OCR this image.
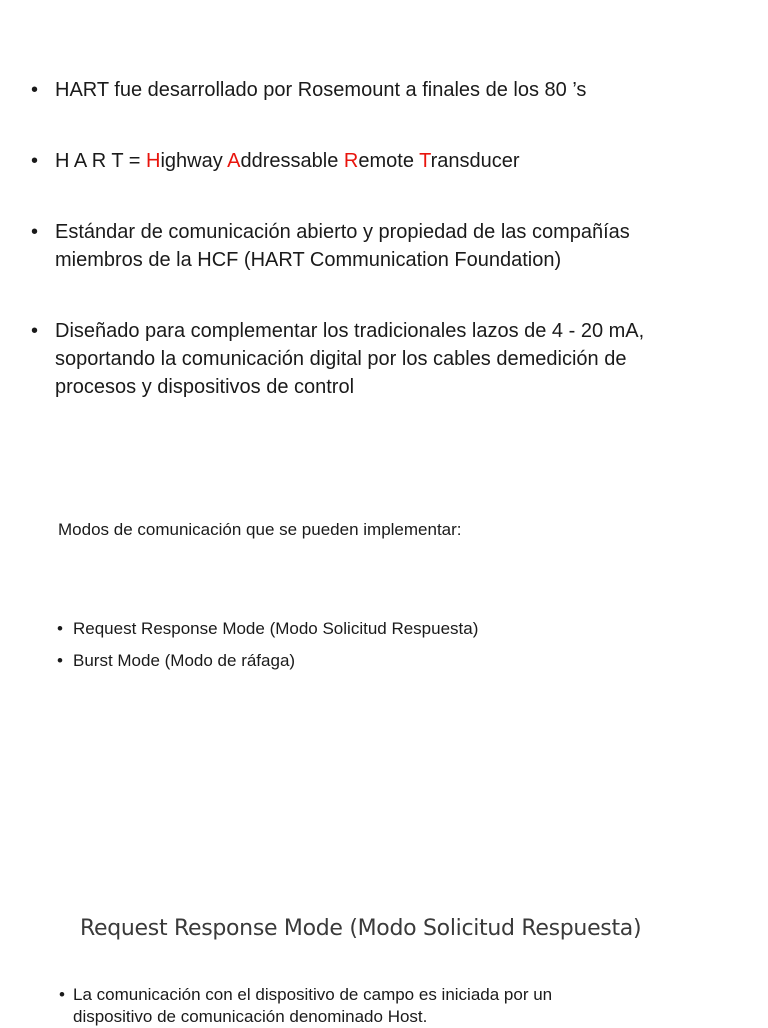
• HART fue desarrollado por Rosemount a finales de los 80 ’s
• H A R T = Highway Addressable Remote Transducer
• Estándar de comunicación abierto y propiedad de las compañías
miembros de la HCF (HART Communication Foundation)
• Diseñado para complementar los tradicionales lazos de 4 - 20 mA,
soportando la comunicación digital por los cables demedición de
procesos y dispositivos de control
Modos de comunicación que se pueden implementar:
• Request Response Mode (Modo Solicitud Respuesta)
• Burst Mode (Modo de ráfaga)
Request Response Mode (Modo Solicitud Respuesta)
• La comunicación con el dispositivo de campo es iniciada por un
dispositivo de comunicación denominado Host.
